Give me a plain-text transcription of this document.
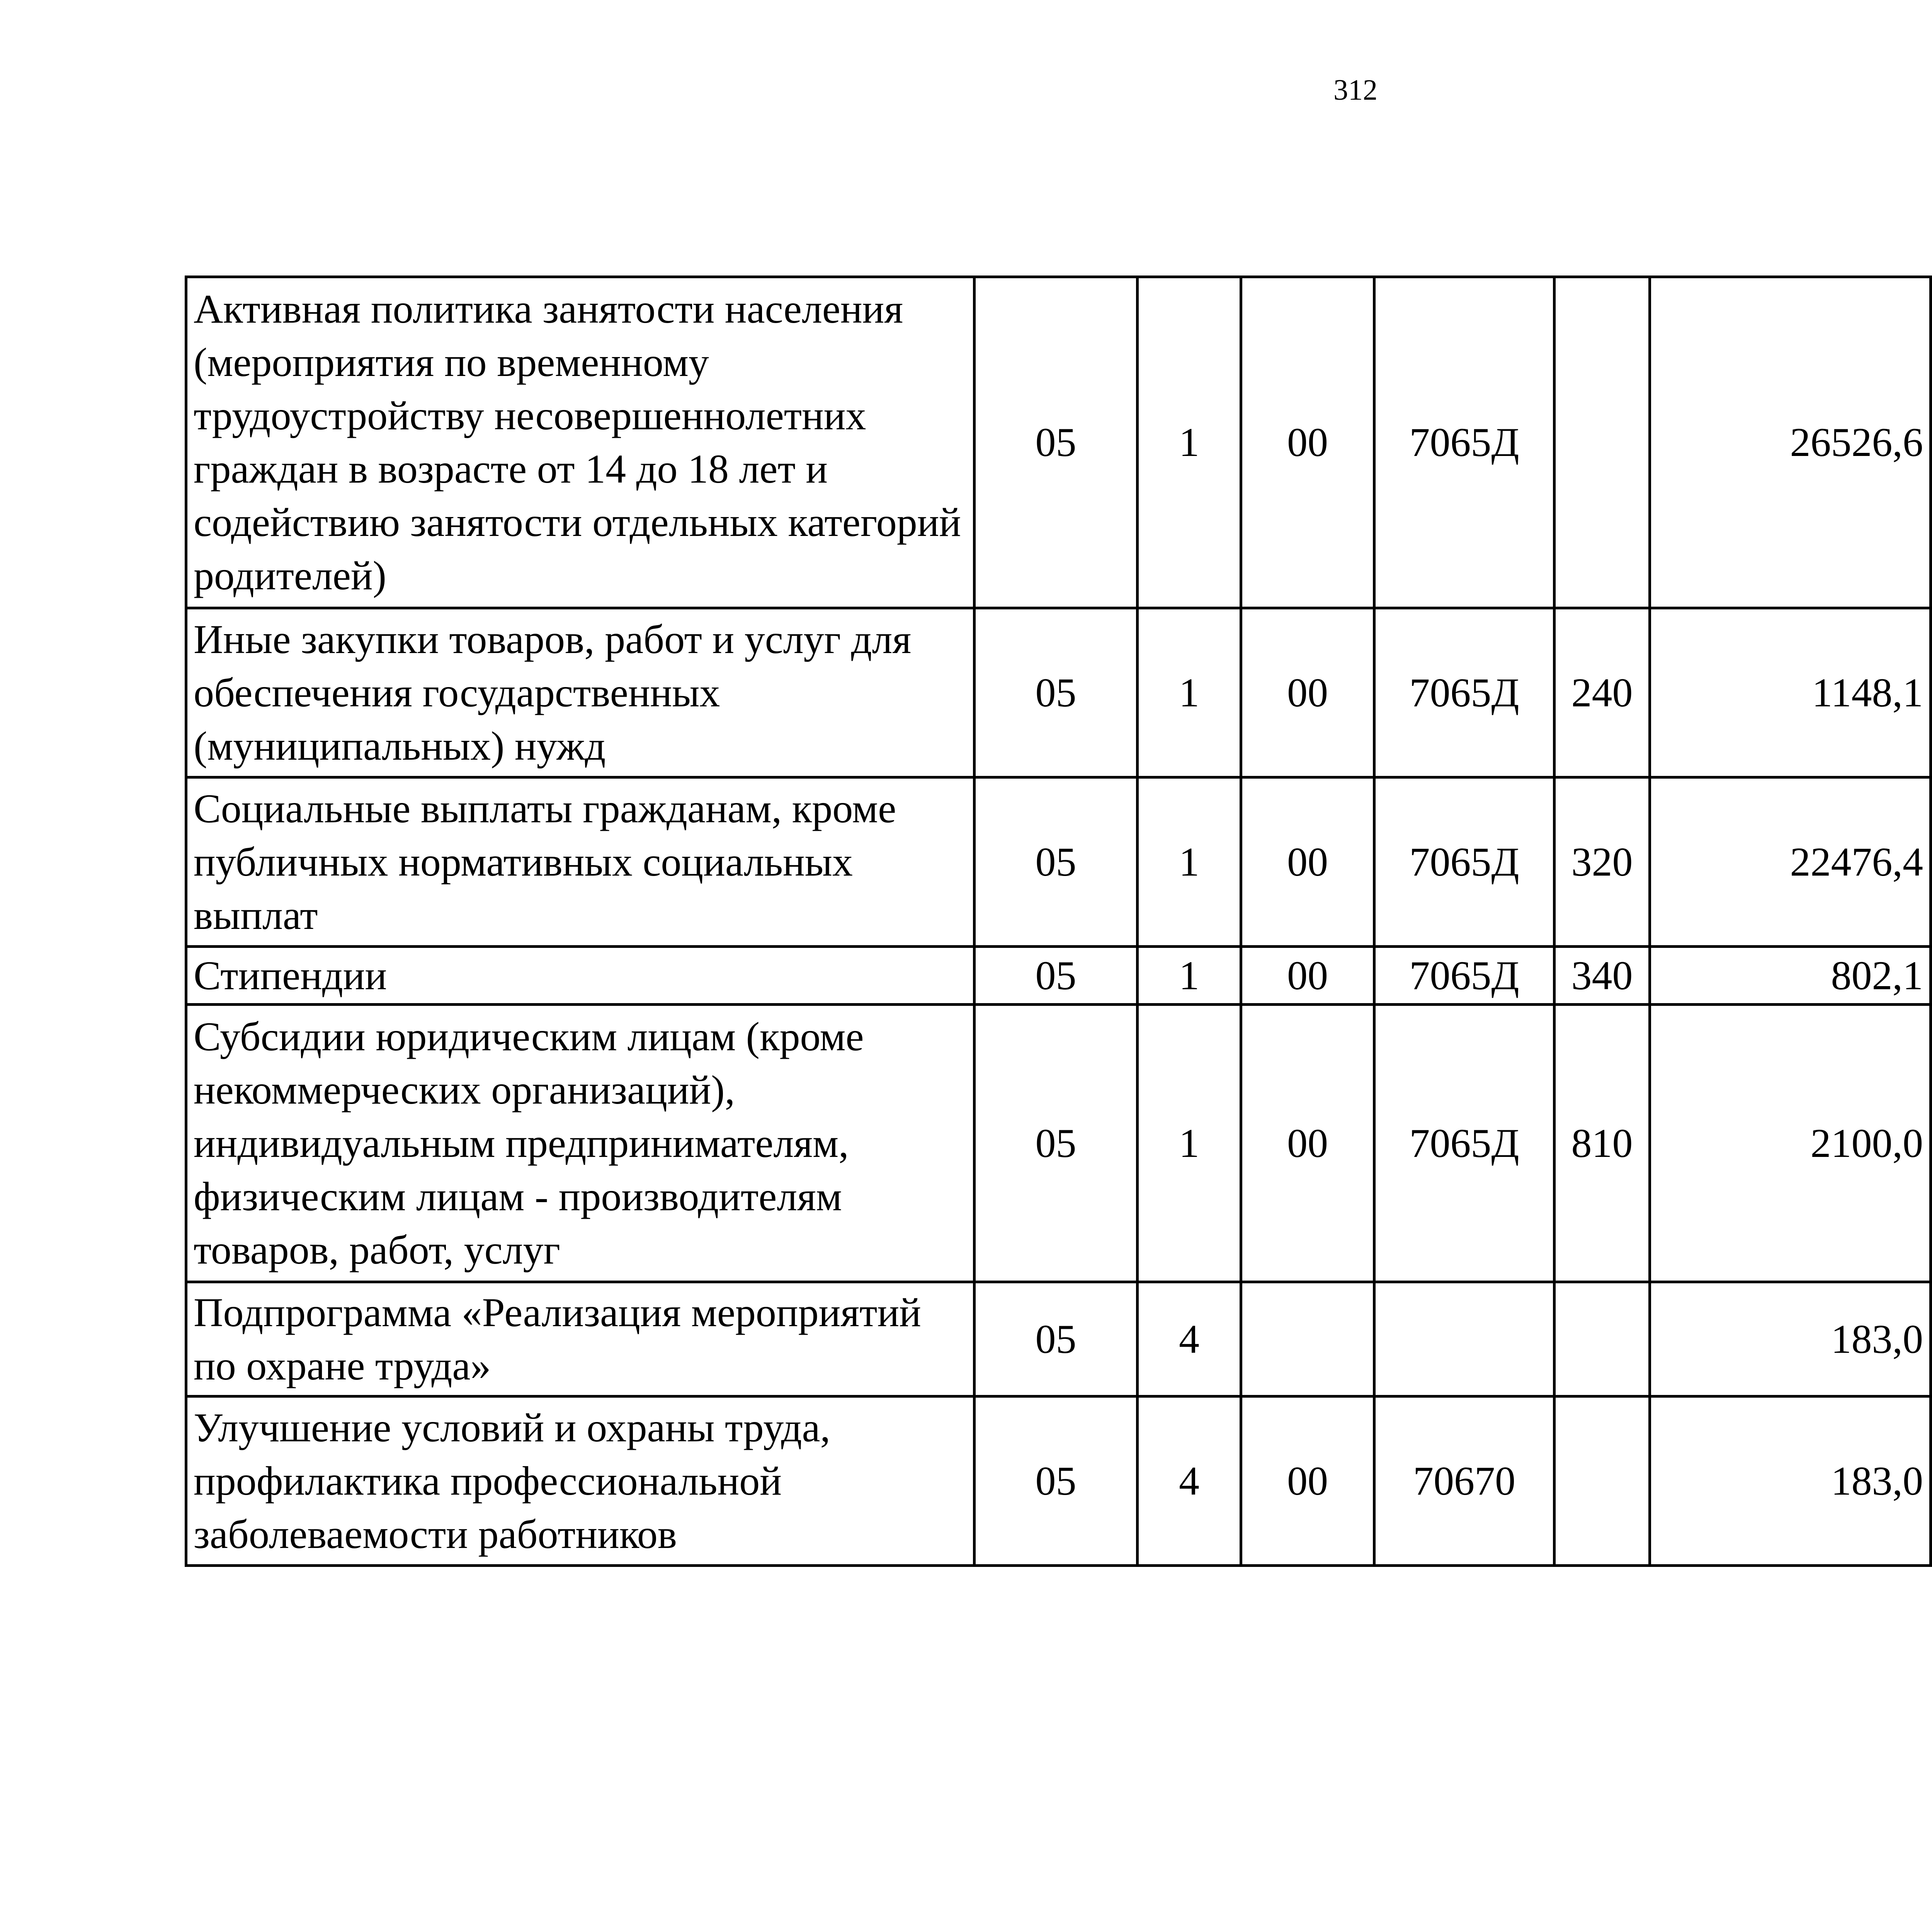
312
Активная политика занятости населения (мероприятия по временному трудоустройству несовершеннолетних граждан в возрасте от 14 до 18 лет и содействию занятости отдельных категорий родителей)	05	1	00	7065Д		26526,6		
Иные закупки товаров, работ и услуг для обеспечения государственных (муниципальных) нужд	05	1	00	7065Д	240	1148,1		
Социальные выплаты гражданам, кроме публичных нормативных социальных выплат	05	1	00	7065Д	320	22476,4		
Стипендии	05	1	00	7065Д	340	802,1		
Субсидии юридическим лицам (кроме некоммерческих организаций), индивидуальным предпринимателям, физическим лицам - производителям товаров, работ, услуг	05	1	00	7065Д	810	2100,0		
Подпрограмма «Реализация мероприятий по охране труда»	05	4				183,0		
Улучшение условий и охраны труда, профилактика профессиональной заболеваемости работников	05	4	00	70670		183,0		
